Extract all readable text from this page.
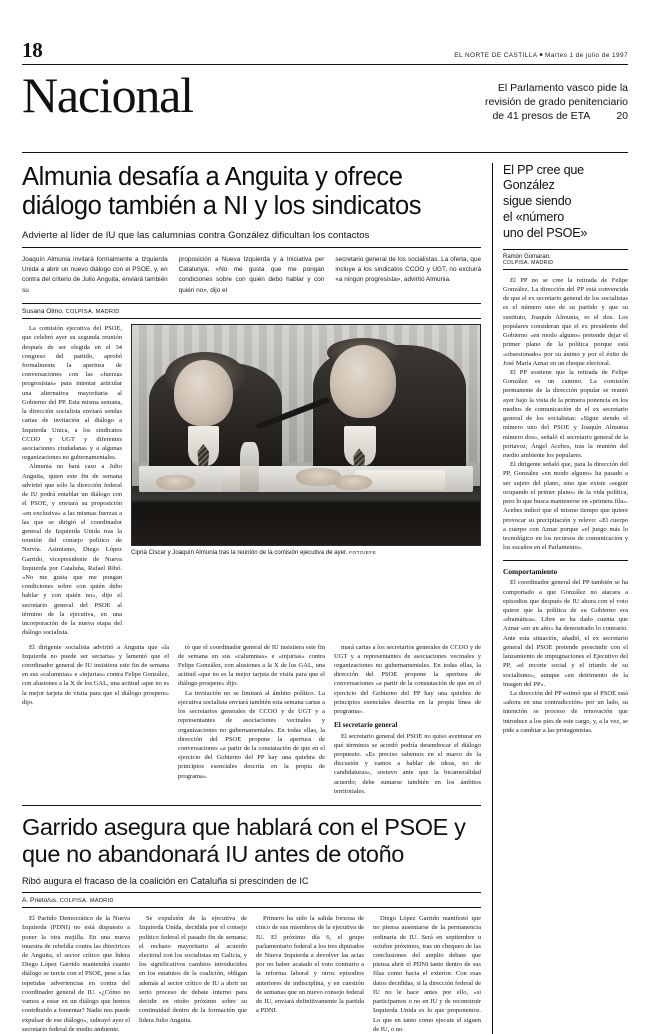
18	EL NORTE DE CASTILLA ■ Martes 1 de julio de 1997
Nacional	El Parlamento vasco pide la
revisión de grado penitenciario
de 41 presos de ETA 20
Almunia desafía a Anguita y ofrece diálogo también a NI y los sindicatos
Advierte al líder de IU que las calumnias contra González dificultan los contactos
Joaquín Almunia invitará formalmente a Izquierda Unida a abrir un nuevo diálogo con el PSOE, y, en contra del criterio de Julio Anguita, enviará también su
proposición a Nueva Izquierda y a Iniciativa per Catalunya. «No me gusta que me pongan condiciones sobre con quién debo hablar y con quién no», dijo el
secretario general de los socialistas. La oferta, que incluye a los sindicatos CCOO y UGT, no excluirá «a ningún progresista», advirtió Almunia.
Susana Olmo. COLPISA. MADRID

La comisión ejecutiva del PSOE, que celebró ayer su segunda reunión después de ser elegida en el 34 congreso del partido, aprobó formalmente la apertura de conversaciones con las «fuerzas progresistas» para intentar articular una alternativa mayoritaria al Gobierno del PP. Esta misma semana, la dirección socialista enviará sendas cartas de invitación al diálogo a Izquierda Unica, a los sindicatos CCOO y UGT y diferentes asociaciones ciudadanas y a algunas organizaciones no gubernamentales.

Almunia no hará caso a Julio Anguita, quien este fin de semana advirtió que sólo la dirección federal de IU podrá entablar un diálogo con el PSOE, y enviará su proposición «en exclusiva» a las mismas fuerzas a las que se dirigió el coordinador general de Izquierda Unida tras la reunión del consejo político de Nervia. Asimismo, Diego López Garrido, vicepresidente de Nueva Izquierda por Cataluña, Rafael Ribó. «No me gusta que me pongan condiciones sobre con quién debo hablar y con quién no», dijo el secretario general del PSOE al término de la ejecutiva, en una incorporación de la nueva etapa del diálogo socialista.

Ciprià Ciscar y Joaquín Almunia tras la reunión de la comisión ejecutiva de ayer. FOTO/EFE

El dirigente socialista advirtió a Anguita que «la Izquierda no puede ser sectaria» y lamentó que el coordinador general de IU insistiera este fin de semana en sus «calumnias» e «injurias» contra Felipe González, con alusiones a la X de los GAL, una actitud «que no es la mejor tarjeta de visita para que el diálogo prospere» dijo.

tó que el coordinador general de IU insistiera este fin de semana en sus «calumnias» e «injurias» contra Felipe González, con alusiones a la X de los GAL, una actitud «que no es la mejor tarjeta de visita para que el diálogo prospere» dijo.

La invitación no se limitará al ámbito político. La ejecutiva socialista enviará también esta semana cartas a los secretarios generales de CCOO y de UGT y a representantes de asociaciones vecinales y organizaciones no gubernamentales. En todas ellas, la dirección del PSOE propone la apertura de conversaciones «a partir de la constatación de que en el ejercicio del Gobierno del PP hay una quiebra de principios esenciales descrita en la propia de programa».

mará cartas a los secretarios generales de CCOO y de UGT y a representantes de asociaciones vecinales y organizaciones no gubernamentales. En todas ellas, la dirección del PSOE propone la apertura de conversaciones «a partir de la constatación de que en el ejercicio del Gobierno del PP hay una quiebra de principios esenciales descrita en la propia línea de programa».

El secretario general

El secretario general del PSOE no quiso aventurar en qué términos se acordó podría desembocar el diálogo propuesto. «Es preciso sabemos en el marco de la discusión y vamos a hablar de ideas, no de candidaturas», sostuvo ante que la bicameralidad acuerdo; debe sumarse también en los ámbitos territoriales.

Garrido asegura que hablará con el PSOE y que no abandonará IU antes de otoño
Ribó augura el fracaso de la coalición en Cataluña si prescinden de IC
A. Prieto/us. COLPISA. MADRID

El Partido Democrático de la Nueva Izquierda (PDNI) no está dispuesto a poner la otra mejilla. En una nueva muestra de rebeldía contra las directrices de Anguita, el sector crítico que lidera Diego López Garrido mantendrá cuanto diálogo se tercie con el PSOE, pese a las repetidas advertencias en contra del coordinador general de IU. «¿Cómo no vamos a estar en un diálogo que hemos contribuido a fomentar? Nadie nos puede expulsar de ese diálogo», subrayó ayer el secretario federal de medio ambiente.

Se expulsión de la ejecutiva de Izquierda Unida, decidida por el consejo político federal el pasado fin de semana; el rechazo mayoritario al acuerdo electoral con los socialistas en Galicia, y los significativos cambios introducidos en los estatutos de la coalición, obligan además al sector crítico de IU a abrir un serio proceso de debate interno para decidir en otoño próximo sobre su continuidad dentro de la formación que lidera Julio Anguita.

Primero ha sido la salida forzosa de cinco de sus miembros de la ejecutiva de IU. El próximo día 6, el grupo parlamentario federal a los tres diputados de Nueva Izquierda a devolver las actas por no haber acatado el voto contrario a la reforma laboral y otros episodios anteriores de indisciplina, y en cuestión de semanas que un nuevo consejo federal de IU, enviará definitivamente la partida a PDNI.

Diego López Garrido manifestó que no piensa ausentarse de la permanencia ordinaria de IU. Será en septiembre u octubre próximos, tras un chequeo de las conclusiones del amplio debate que piensa abrir el PDNI tanto dentro de sus filas como hacia el exterior. Con esas datos decididas, si la dirección federal de IU no le hace antes por ello, «si participamos o no en IU y de reconstruir Izquierda Unida es lo que proponemos. Lo que en tanto como ejecute el siguen de IU, o no.

El PP cree que
González
sigue siendo
el «número
uno del PSOE»
Ramón Gomaran.
COLPISA. MADRID

El PP no se cree la retirada de Felipe González. La dirección del PP está convencida de que el ex secretario general de los socialistas es el número uno de su partido y que su sustituto, Joaquín Almunia, es el dos. Los populares consideran que el ex presidente del Gobierno «en modo alguno» pretende dejar el primer plano de la política porque está «obsesionado» por su ánimo y por el éxito de José María Aznar en un choque electoral.

El PP sostiene que la retirada de Felipe González es un camino. La comisión permanente de la dirección popular se reunió ayer bajo la vista de la primera ponencia en los medios de comunicación de el ex secretario general de los socialistas: «Sigue siendo el número uno del PSOE y Joaquín Almunia número dos», señaló el secretario general de la portavoz, Ángel Acebes, tras la reunión del medio ambiente los populares.

El dirigente señaló que, para la dirección del PP, González «en modo alguno» ha pasado a ser sujeto del plano, sino que existe «seguir ocupando el primer plano» de la vida política, pero lo que busca mantenerse en «primera fila». Acebes indicó que el mismo tiempo que quiere provocar su precipitación y relevo: «El cuerpo a cuerpo con Aznar porque «el juego más lo tecnológico en los recursos de comunicación y los escaños en el Parlamento».

Comportamiento

El coordinador general del PP también se ha comportado a que González no atacara a episodios que después de IU ahora con el voto quiere que la política de su Gobierno era «dramática». Libre se ha dado cuenta que Aznar «en un año» ha demostrado lo contrario. Ante esta situación, añadió, el ex secretario general del PSOE pretende prescindir con el lanzamiento de impugnaciones el Ejecutivo del PP, «el recorte social y el triunfo de su socialismo», aunque «en detrimento de la imagen del PP».

La dirección del PP estimó que el PSOE está «ahora en una contradicción» por un lado, su intención se proceso de renovación que introduce a los pies de este cargo, y, a la vez, se pide a cambiar a las protagonistas.
